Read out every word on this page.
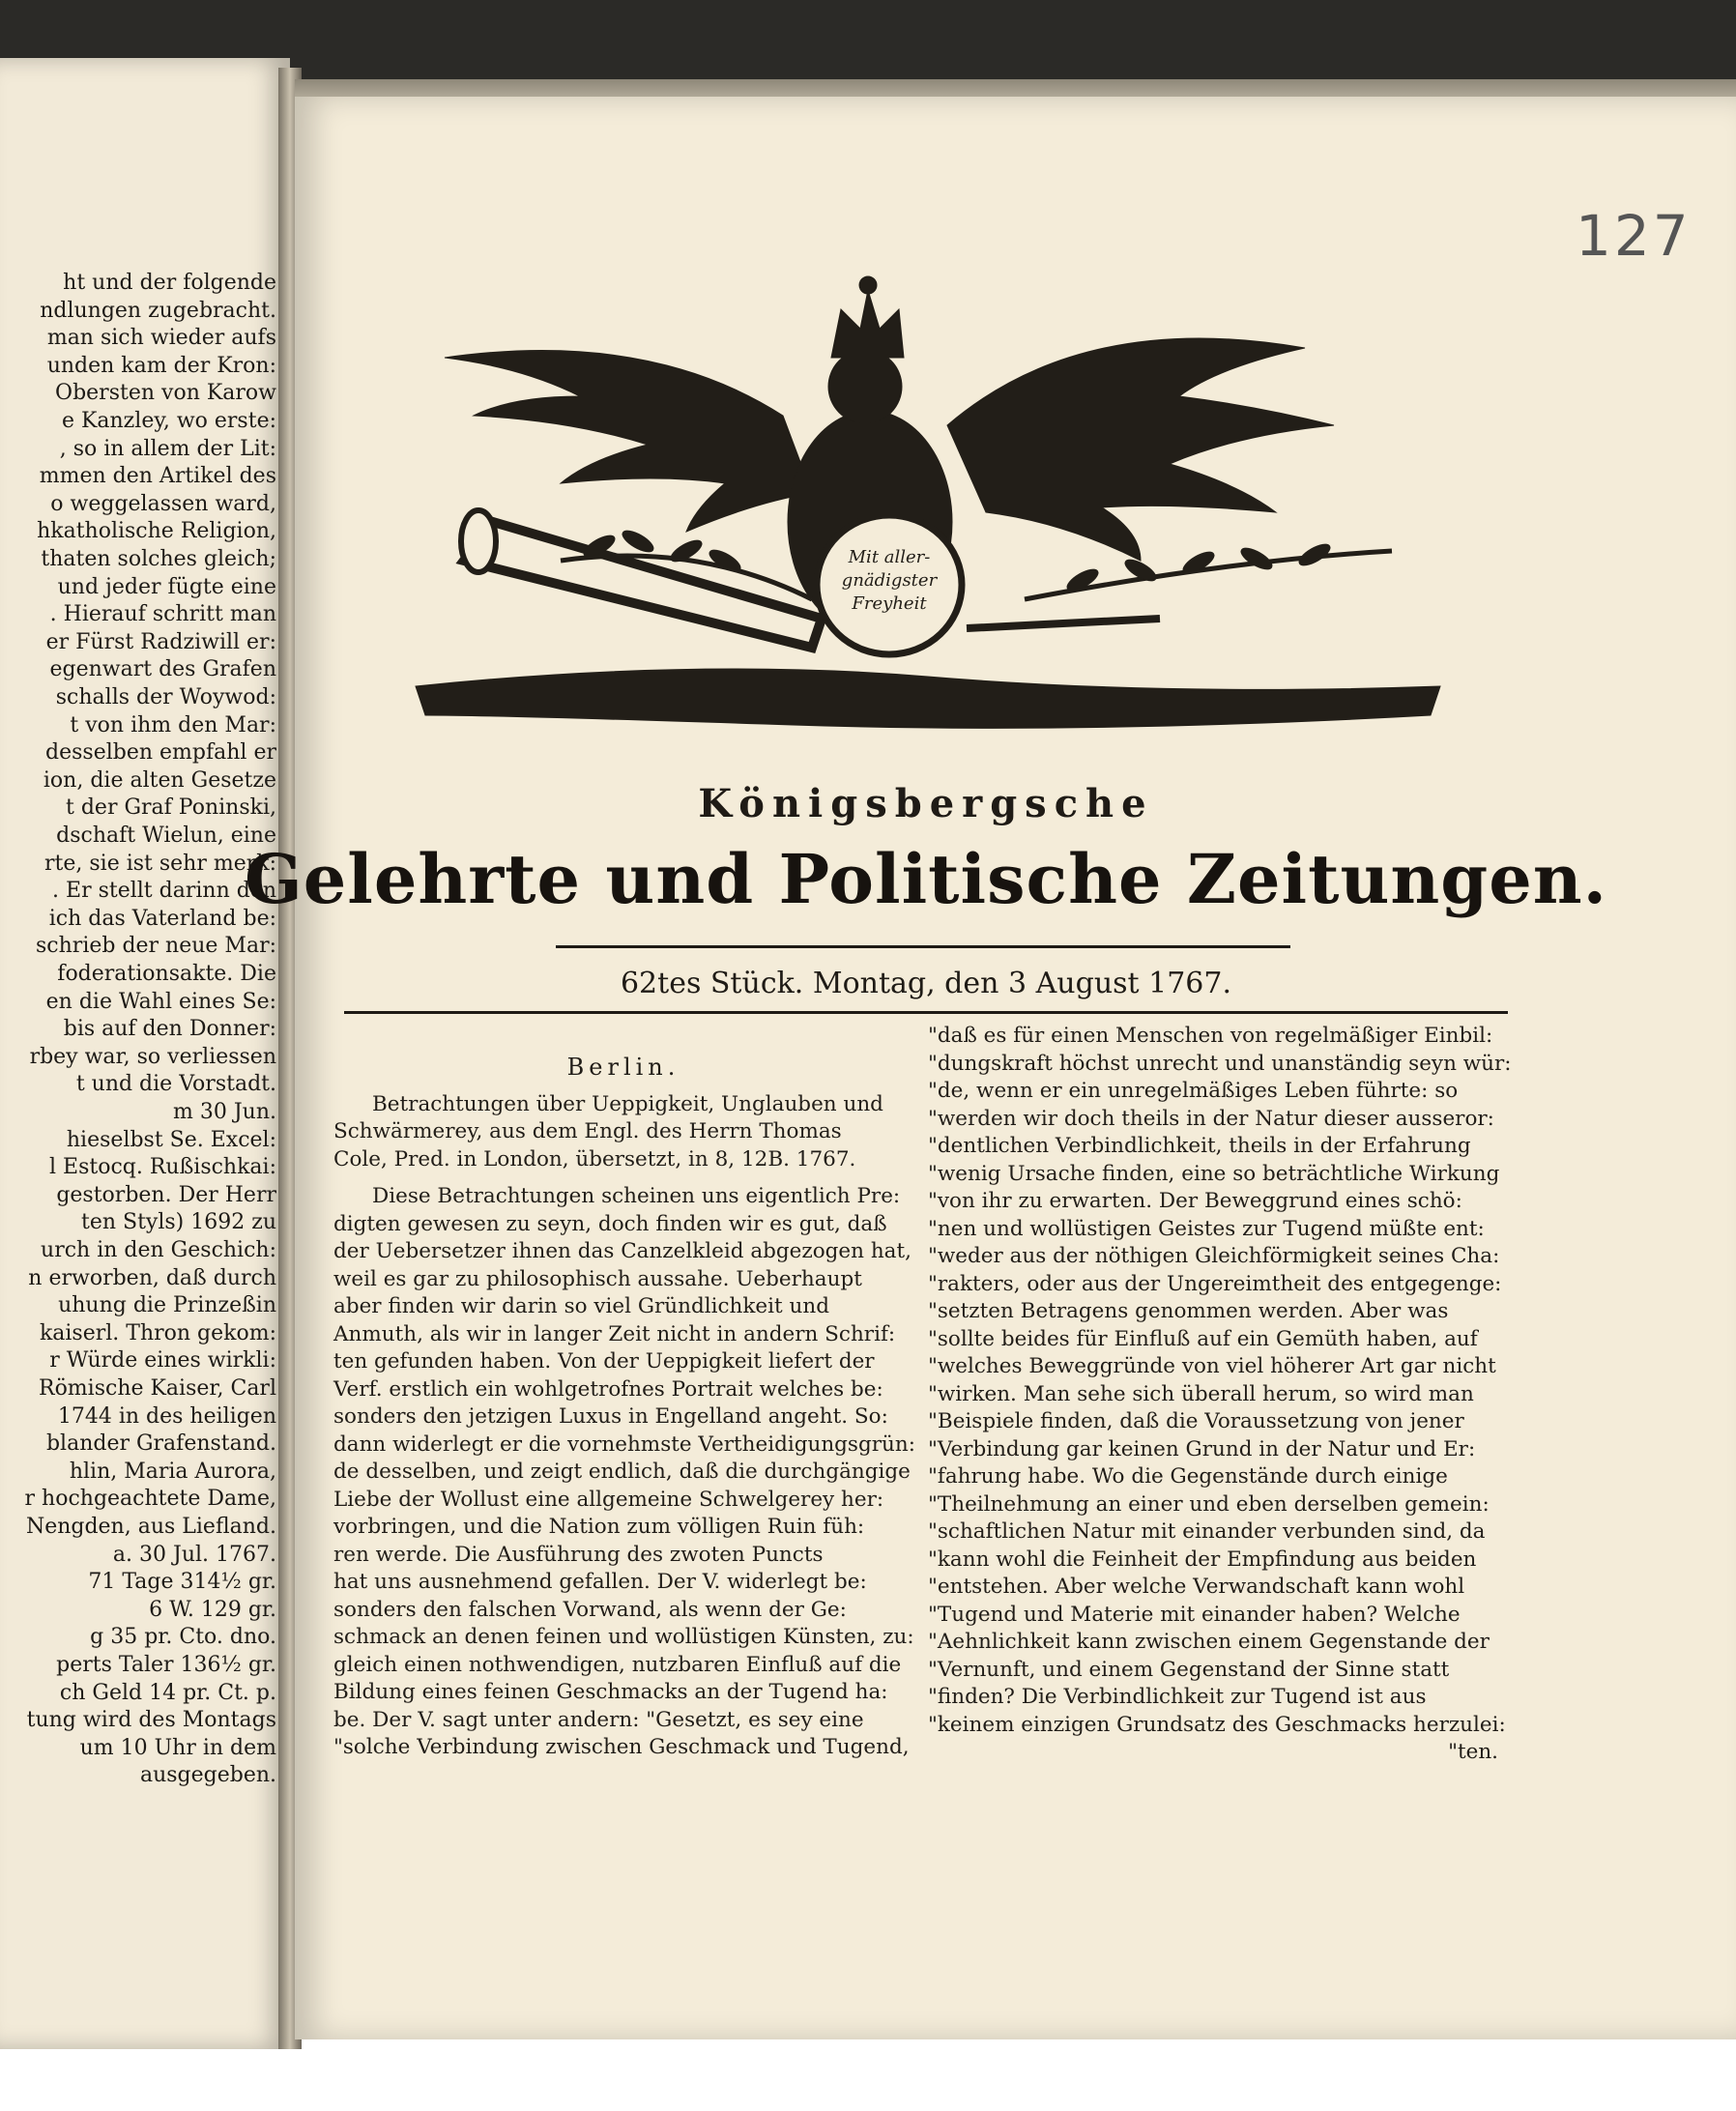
ht und der folgende
ndlungen zugebracht.
man sich wieder aufs
unden kam der Kron:
Obersten von Karow
e Kanzley, wo erste:
, so in allem der Lit:
mmen den Artikel des
o weggelassen ward,
hkatholische Religion,
thaten solches gleich;
und jeder fügte eine
. Hierauf schritt man
er Fürst Radziwill er:
egenwart des Grafen
schalls der Woywod:
t von ihm den Mar:
desselben empfahl er
ion, die alten Gesetze
t der Graf Poninski,
dschaft Wielun, eine
rte, sie ist sehr merk:
. Er stellt darinn den
ich das Vaterland be:
schrieb der neue Mar:
foderationsakte. Die
en die Wahl eines Se:
bis auf den Donner:
rbey war, so verliessen
t und die Vorstadt.
m 30 Jun.
hieselbst Se. Excel:
l Estocq. Rußischkai:
gestorben. Der Herr
ten Styls) 1692 zu
urch in den Geschich:
n erworben, daß durch
uhung die Prinzeßin
kaiserl. Thron gekom:
r Würde eines wirkli:
Römische Kaiser, Carl
1744 in des heiligen
blander Grafenstand.
hlin, Maria Aurora,
r hochgeachtete Dame,
Nengden, aus Liefland.
a. 30 Jul. 1767.
71 Tage 314½ gr.
6 W. 129 gr.
g 35 pr. Cto. dno.
perts Taler 136½ gr.
ch Geld 14 pr. Ct. p.
tung wird des Montags
um 10 Uhr in dem
ausgegeben.
127
Mit aller-
gnädigster
Freyheit
Königsbergsche
Gelehrte und Politische Zeitungen.
62tes Stück. Montag, den 3 August 1767.
Berlin.
Betrachtungen über Ueppigkeit, Unglauben und
Schwärmerey, aus dem Engl. des Herrn Thomas
Cole, Pred. in London, übersetzt, in 8, 12B. 1767.
Diese Betrachtungen scheinen uns eigentlich Pre:
digten gewesen zu seyn, doch finden wir es gut, daß
der Uebersetzer ihnen das Canzelkleid abgezogen hat,
weil es gar zu philosophisch aussahe. Ueberhaupt
aber finden wir darin so viel Gründlichkeit und
Anmuth, als wir in langer Zeit nicht in andern Schrif:
ten gefunden haben. Von der Ueppigkeit liefert der
Verf. erstlich ein wohlgetrofnes Portrait welches be:
sonders den jetzigen Luxus in Engelland angeht. So:
dann widerlegt er die vornehmste Vertheidigungsgrün:
de desselben, und zeigt endlich, daß die durchgängige
Liebe der Wollust eine allgemeine Schwelgerey her:
vorbringen, und die Nation zum völligen Ruin füh:
ren werde. Die Ausführung des zwoten Puncts
hat uns ausnehmend gefallen. Der V. widerlegt be:
sonders den falschen Vorwand, als wenn der Ge:
schmack an denen feinen und wollüstigen Künsten, zu:
gleich einen nothwendigen, nutzbaren Einfluß auf die
Bildung eines feinen Geschmacks an der Tugend ha:
be. Der V. sagt unter andern: "Gesetzt, es sey eine
"solche Verbindung zwischen Geschmack und Tugend,
"daß es für einen Menschen von regelmäßiger Einbil:
"dungskraft höchst unrecht und unanständig seyn wür:
"de, wenn er ein unregelmäßiges Leben führte: so
"werden wir doch theils in der Natur dieser ausseror:
"dentlichen Verbindlichkeit, theils in der Erfahrung
"wenig Ursache finden, eine so beträchtliche Wirkung
"von ihr zu erwarten. Der Beweggrund eines schö:
"nen und wollüstigen Geistes zur Tugend müßte ent:
"weder aus der nöthigen Gleichförmigkeit seines Cha:
"rakters, oder aus der Ungereimtheit des entgegenge:
"setzten Betragens genommen werden. Aber was
"sollte beides für Einfluß auf ein Gemüth haben, auf
"welches Beweggründe von viel höherer Art gar nicht
"wirken. Man sehe sich überall herum, so wird man
"Beispiele finden, daß die Voraussetzung von jener
"Verbindung gar keinen Grund in der Natur und Er:
"fahrung habe. Wo die Gegenstände durch einige
"Theilnehmung an einer und eben derselben gemein:
"schaftlichen Natur mit einander verbunden sind, da
"kann wohl die Feinheit der Empfindung aus beiden
"entstehen. Aber welche Verwandschaft kann wohl
"Tugend und Materie mit einander haben? Welche
"Aehnlichkeit kann zwischen einem Gegenstande der
"Vernunft, und einem Gegenstand der Sinne statt
"finden? Die Verbindlichkeit zur Tugend ist aus
"keinem einzigen Grundsatz des Geschmacks herzulei:
"ten.
